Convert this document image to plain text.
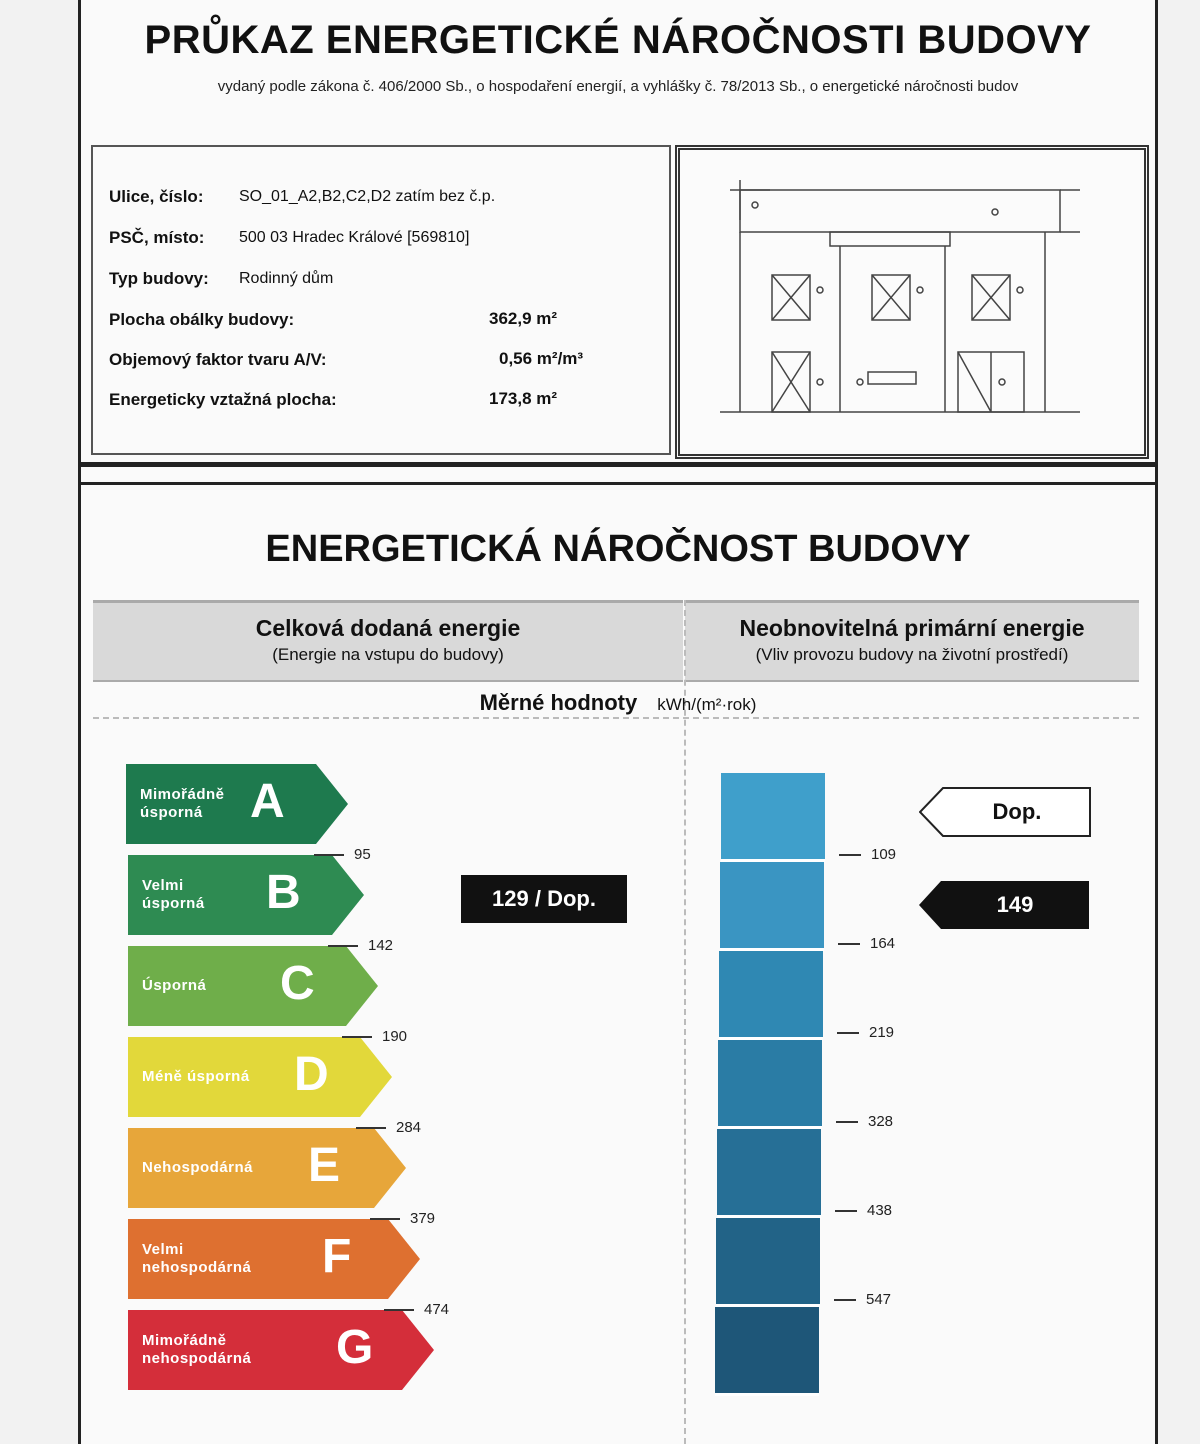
PRŮKAZ ENERGETICKÉ NÁROČNOSTI BUDOVY
vydaný podle zákona č. 406/2000 Sb., o hospodaření energií, a vyhlášky č. 78/2013 Sb., o energetické náročnosti budov
Ulice, číslo: SO_01_A2,B2,C2,D2 zatím bez č.p.
PSČ, místo: 500 03 Hradec Králové [569810]
Typ budovy: Rodinný dům
Plocha obálky budovy:	362,9 m²
Objemový faktor tvaru A/V:	0,56 m²/m³
Energeticky vztažná plocha:	173,8 m²
ENERGETICKÁ NÁROČNOST BUDOVY
Celková dodaná energie
(Energie na vstupu do budovy)
Neobnovitelná primární energie
(Vliv provozu budovy na životní prostředí)
Měrné hodnoty kWh/(m²·rok)
Mimořádně
úsporná A
Velmi
úsporná B
Úsporná C
Méně úsporná D
Nehospodárná E
Velmi
nehospodárná F
Mimořádně
nehospodárná G
95
142
190
284
379
474
129 / Dop.
109
164
219
328
438
547
Dop.
149
